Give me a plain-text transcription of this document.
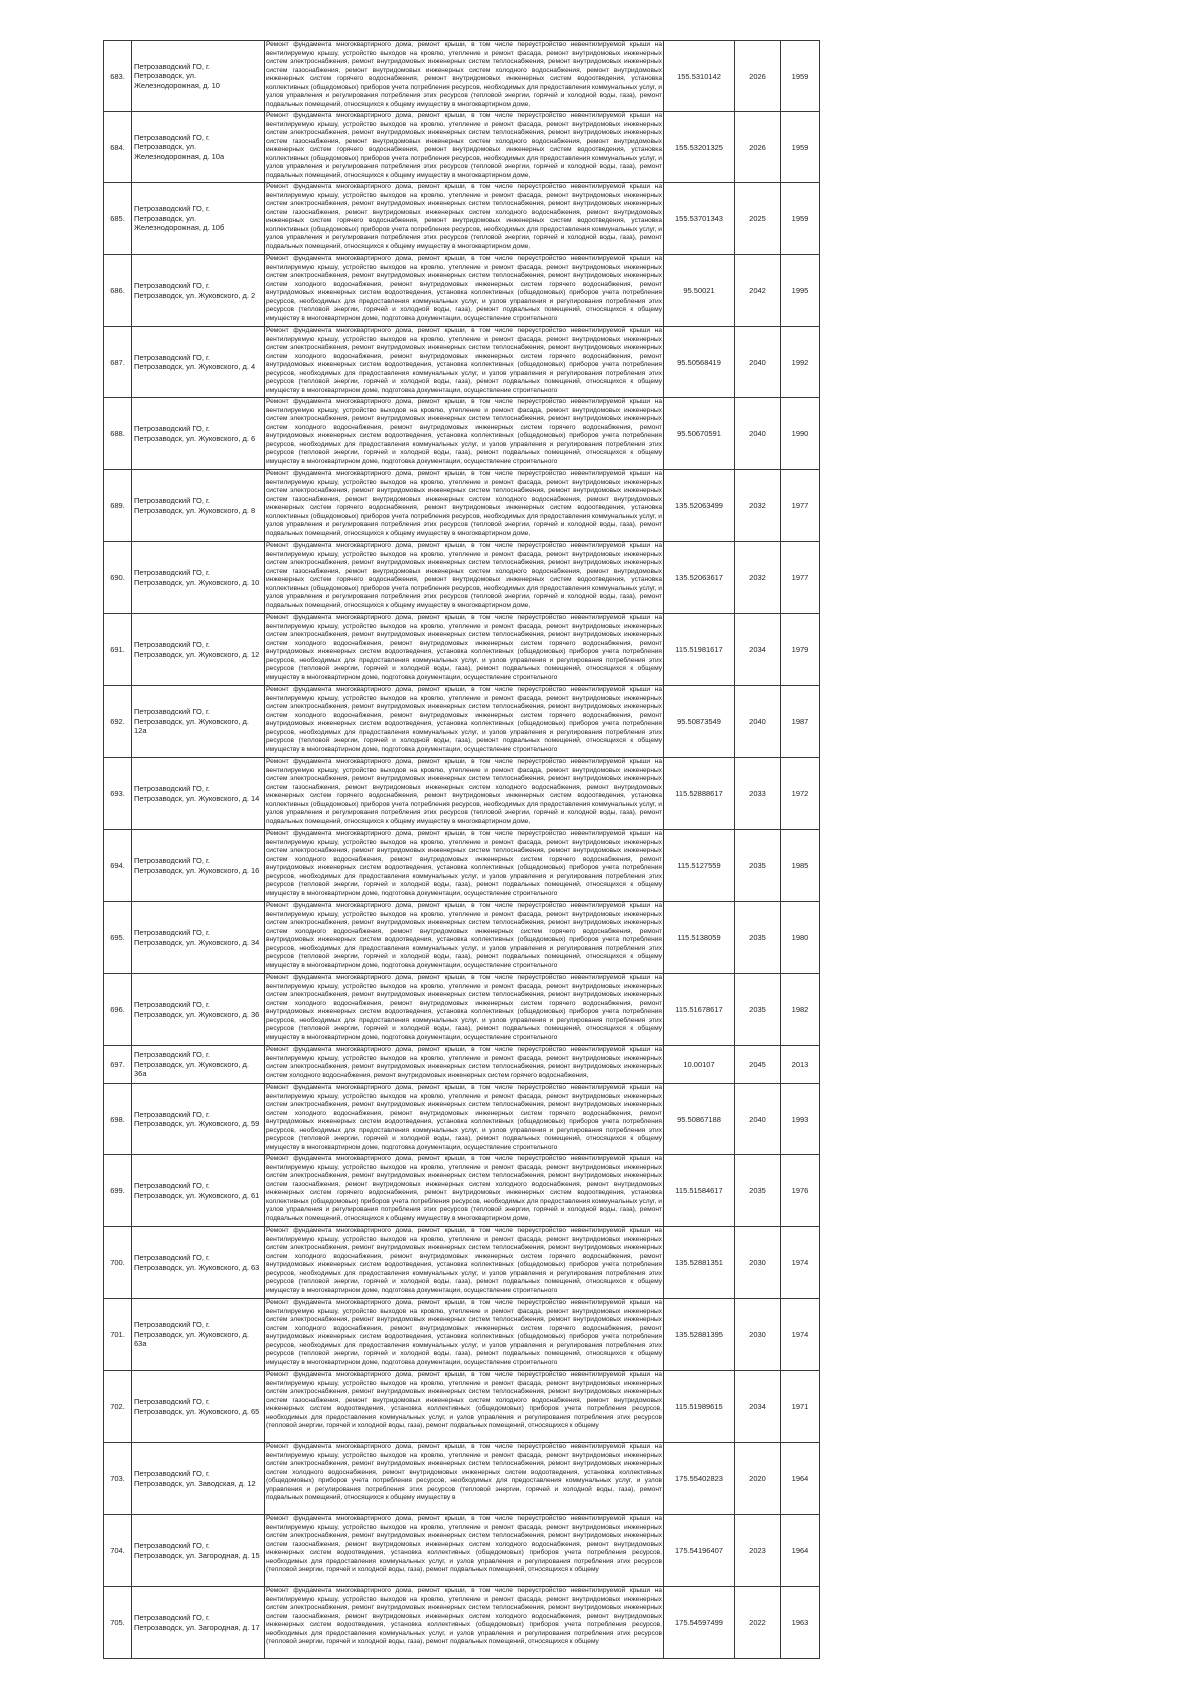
683.	Петрозаводский ГО, г. Петрозаводск, ул. Железнодорожная, д. 10	Ремонт фундамента многоквартирного дома, ремонт крыши, в том числе переустройство невентилируемой крыши на вентилируемую крышу, устройство выходов на кровлю, утепление и ремонт фасада, ремонт внутридомовых инженерных систем электроснабжения, ремонт внутридомовых инженерных систем теплоснабжения, ремонт внутридомовых инженерных систем газоснабжения, ремонт внутридомовых инженерных систем холодного водоснабжения, ремонт внутридомовых инженерных систем горячего водоснабжения, ремонт внутридомовых инженерных систем водоотведения, установка коллективных (общедомовых) приборов учета потребления ресурсов, необходимых для предоставления коммунальных услуг, и узлов управления и регулирования потребления этих ресурсов (тепловой энергии, горячей и холодной воды, газа), ремонт подвальных помещений, относящихся к общему имуществу в многоквартирном доме,	155.5310142	2026	1959
684.	Петрозаводский ГО, г. Петрозаводск, ул. Железнодорожная, д. 10а	Ремонт фундамента многоквартирного дома, ремонт крыши, в том числе переустройство невентилируемой крыши на вентилируемую крышу, устройство выходов на кровлю, утепление и ремонт фасада, ремонт внутридомовых инженерных систем электроснабжения, ремонт внутридомовых инженерных систем теплоснабжения, ремонт внутридомовых инженерных систем газоснабжения, ремонт внутридомовых инженерных систем холодного водоснабжения, ремонт внутридомовых инженерных систем горячего водоснабжения, ремонт внутридомовых инженерных систем водоотведения, установка коллективных (общедомовых) приборов учета потребления ресурсов, необходимых для предоставления коммунальных услуг, и узлов управления и регулирования потребления этих ресурсов (тепловой энергии, горячей и холодной воды, газа), ремонт подвальных помещений, относящихся к общему имуществу в многоквартирном доме,	155.53201325	2026	1959
685.	Петрозаводский ГО, г. Петрозаводск, ул. Железнодорожная, д. 10б	Ремонт фундамента многоквартирного дома, ремонт крыши, в том числе переустройство невентилируемой крыши на вентилируемую крышу, устройство выходов на кровлю, утепление и ремонт фасада, ремонт внутридомовых инженерных систем электроснабжения, ремонт внутридомовых инженерных систем теплоснабжения, ремонт внутридомовых инженерных систем газоснабжения, ремонт внутридомовых инженерных систем холодного водоснабжения, ремонт внутридомовых инженерных систем горячего водоснабжения, ремонт внутридомовых инженерных систем водоотведения, установка коллективных (общедомовых) приборов учета потребления ресурсов, необходимых для предоставления коммунальных услуг, и узлов управления и регулирования потребления этих ресурсов (тепловой энергии, горячей и холодной воды, газа), ремонт подвальных помещений, относящихся к общему имуществу в многоквартирном доме,	155.53701343	2025	1959
686.	Петрозаводский ГО, г. Петрозаводск, ул. Жуковского, д. 2	Ремонт фундамента многоквартирного дома, ремонт крыши, в том числе переустройство невентилируемой крыши на вентилируемую крышу, устройство выходов на кровлю, утепление и ремонт фасада, ремонт внутридомовых инженерных систем электроснабжения, ремонт внутридомовых инженерных систем теплоснабжения, ремонт внутридомовых инженерных систем холодного водоснабжения, ремонт внутридомовых инженерных систем горячего водоснабжения, ремонт внутридомовых инженерных систем водоотведения, установка коллективных (общедомовых) приборов учета потребления ресурсов, необходимых для предоставления коммунальных услуг, и узлов управления и регулирования потребления этих ресурсов (тепловой энергии, горячей и холодной воды, газа), ремонт подвальных помещений, относящихся к общему имуществу в многоквартирном доме, подготовка документации, осуществление строительного	95.50021	2042	1995
687.	Петрозаводский ГО, г. Петрозаводск, ул. Жуковского, д. 4	Ремонт фундамента многоквартирного дома, ремонт крыши, в том числе переустройство невентилируемой крыши на вентилируемую крышу, устройство выходов на кровлю, утепление и ремонт фасада, ремонт внутридомовых инженерных систем электроснабжения, ремонт внутридомовых инженерных систем теплоснабжения, ремонт внутридомовых инженерных систем холодного водоснабжения, ремонт внутридомовых инженерных систем горячего водоснабжения, ремонт внутридомовых инженерных систем водоотведения, установка коллективных (общедомовых) приборов учета потребления ресурсов, необходимых для предоставления коммунальных услуг, и узлов управления и регулирования потребления этих ресурсов (тепловой энергии, горячей и холодной воды, газа), ремонт подвальных помещений, относящихся к общему имуществу в многоквартирном доме, подготовка документации, осуществление строительного	95.50568419	2040	1992
688.	Петрозаводский ГО, г. Петрозаводск, ул. Жуковского, д. 6	Ремонт фундамента многоквартирного дома, ремонт крыши, в том числе переустройство невентилируемой крыши на вентилируемую крышу, устройство выходов на кровлю, утепление и ремонт фасада, ремонт внутридомовых инженерных систем электроснабжения, ремонт внутридомовых инженерных систем теплоснабжения, ремонт внутридомовых инженерных систем холодного водоснабжения, ремонт внутридомовых инженерных систем горячего водоснабжения, ремонт внутридомовых инженерных систем водоотведения, установка коллективных (общедомовых) приборов учета потребления ресурсов, необходимых для предоставления коммунальных услуг, и узлов управления и регулирования потребления этих ресурсов (тепловой энергии, горячей и холодной воды, газа), ремонт подвальных помещений, относящихся к общему имуществу в многоквартирном доме, подготовка документации, осуществление строительного	95.50670591	2040	1990
689.	Петрозаводский ГО, г. Петрозаводск, ул. Жуковского, д. 8	Ремонт фундамента многоквартирного дома, ремонт крыши, в том числе переустройство невентилируемой крыши на вентилируемую крышу, устройство выходов на кровлю, утепление и ремонт фасада, ремонт внутридомовых инженерных систем электроснабжения, ремонт внутридомовых инженерных систем теплоснабжения, ремонт внутридомовых инженерных систем газоснабжения, ремонт внутридомовых инженерных систем холодного водоснабжения, ремонт внутридомовых инженерных систем горячего водоснабжения, ремонт внутридомовых инженерных систем водоотведения, установка коллективных (общедомовых) приборов учета потребления ресурсов, необходимых для предоставления коммунальных услуг, и узлов управления и регулирования потребления этих ресурсов (тепловой энергии, горячей и холодной воды, газа), ремонт подвальных помещений, относящихся к общему имуществу в многоквартирном доме,	135.52063499	2032	1977
690.	Петрозаводский ГО, г. Петрозаводск, ул. Жуковского, д. 10	Ремонт фундамента многоквартирного дома, ремонт крыши, в том числе переустройство невентилируемой крыши на вентилируемую крышу, устройство выходов на кровлю, утепление и ремонт фасада, ремонт внутридомовых инженерных систем электроснабжения, ремонт внутридомовых инженерных систем теплоснабжения, ремонт внутридомовых инженерных систем газоснабжения, ремонт внутридомовых инженерных систем холодного водоснабжения, ремонт внутридомовых инженерных систем горячего водоснабжения, ремонт внутридомовых инженерных систем водоотведения, установка коллективных (общедомовых) приборов учета потребления ресурсов, необходимых для предоставления коммунальных услуг, и узлов управления и регулирования потребления этих ресурсов (тепловой энергии, горячей и холодной воды, газа), ремонт подвальных помещений, относящихся к общему имуществу в многоквартирном доме,	135.52063617	2032	1977
691.	Петрозаводский ГО, г. Петрозаводск, ул. Жуковского, д. 12	Ремонт фундамента многоквартирного дома, ремонт крыши, в том числе переустройство невентилируемой крыши на вентилируемую крышу, устройство выходов на кровлю, утепление и ремонт фасада, ремонт внутридомовых инженерных систем электроснабжения, ремонт внутридомовых инженерных систем теплоснабжения, ремонт внутридомовых инженерных систем холодного водоснабжения, ремонт внутридомовых инженерных систем горячего водоснабжения, ремонт внутридомовых инженерных систем водоотведения, установка коллективных (общедомовых) приборов учета потребления ресурсов, необходимых для предоставления коммунальных услуг, и узлов управления и регулирования потребления этих ресурсов (тепловой энергии, горячей и холодной воды, газа), ремонт подвальных помещений, относящихся к общему имуществу в многоквартирном доме, подготовка документации, осуществление строительного	115.51981617	2034	1979
692.	Петрозаводский ГО, г. Петрозаводск, ул. Жуковского, д. 12а	Ремонт фундамента многоквартирного дома, ремонт крыши, в том числе переустройство невентилируемой крыши на вентилируемую крышу, устройство выходов на кровлю, утепление и ремонт фасада, ремонт внутридомовых инженерных систем электроснабжения, ремонт внутридомовых инженерных систем теплоснабжения, ремонт внутридомовых инженерных систем холодного водоснабжения, ремонт внутридомовых инженерных систем горячего водоснабжения, ремонт внутридомовых инженерных систем водоотведения, установка коллективных (общедомовых) приборов учета потребления ресурсов, необходимых для предоставления коммунальных услуг, и узлов управления и регулирования потребления этих ресурсов (тепловой энергии, горячей и холодной воды, газа), ремонт подвальных помещений, относящихся к общему имуществу в многоквартирном доме, подготовка документации, осуществление строительного	95.50873549	2040	1987
693.	Петрозаводский ГО, г. Петрозаводск, ул. Жуковского, д. 14	Ремонт фундамента многоквартирного дома, ремонт крыши, в том числе переустройство невентилируемой крыши на вентилируемую крышу, устройство выходов на кровлю, утепление и ремонт фасада, ремонт внутридомовых инженерных систем электроснабжения, ремонт внутридомовых инженерных систем теплоснабжения, ремонт внутридомовых инженерных систем газоснабжения, ремонт внутридомовых инженерных систем холодного водоснабжения, ремонт внутридомовых инженерных систем горячего водоснабжения, ремонт внутридомовых инженерных систем водоотведения, установка коллективных (общедомовых) приборов учета потребления ресурсов, необходимых для предоставления коммунальных услуг, и узлов управления и регулирования потребления этих ресурсов (тепловой энергии, горячей и холодной воды, газа), ремонт подвальных помещений, относящихся к общему имуществу в многоквартирном доме,	115.52888617	2033	1972
694.	Петрозаводский ГО, г. Петрозаводск, ул. Жуковского, д. 16	Ремонт фундамента многоквартирного дома, ремонт крыши, в том числе переустройство невентилируемой крыши на вентилируемую крышу, устройство выходов на кровлю, утепление и ремонт фасада, ремонт внутридомовых инженерных систем электроснабжения, ремонт внутридомовых инженерных систем теплоснабжения, ремонт внутридомовых инженерных систем холодного водоснабжения, ремонт внутридомовых инженерных систем горячего водоснабжения, ремонт внутридомовых инженерных систем водоотведения, установка коллективных (общедомовых) приборов учета потребления ресурсов, необходимых для предоставления коммунальных услуг, и узлов управления и регулирования потребления этих ресурсов (тепловой энергии, горячей и холодной воды, газа), ремонт подвальных помещений, относящихся к общему имуществу в многоквартирном доме, подготовка документации, осуществление строительного	115.5127559	2035	1985
695.	Петрозаводский ГО, г. Петрозаводск, ул. Жуковского, д. 34	Ремонт фундамента многоквартирного дома, ремонт крыши, в том числе переустройство невентилируемой крыши на вентилируемую крышу, устройство выходов на кровлю, утепление и ремонт фасада, ремонт внутридомовых инженерных систем электроснабжения, ремонт внутридомовых инженерных систем теплоснабжения, ремонт внутридомовых инженерных систем холодного водоснабжения, ремонт внутридомовых инженерных систем горячего водоснабжения, ремонт внутридомовых инженерных систем водоотведения, установка коллективных (общедомовых) приборов учета потребления ресурсов, необходимых для предоставления коммунальных услуг, и узлов управления и регулирования потребления этих ресурсов (тепловой энергии, горячей и холодной воды, газа), ремонт подвальных помещений, относящихся к общему имуществу в многоквартирном доме, подготовка документации, осуществление строительного	115.5138059	2035	1980
696.	Петрозаводский ГО, г. Петрозаводск, ул. Жуковского, д. 36	Ремонт фундамента многоквартирного дома, ремонт крыши, в том числе переустройство невентилируемой крыши на вентилируемую крышу, устройство выходов на кровлю, утепление и ремонт фасада, ремонт внутридомовых инженерных систем электроснабжения, ремонт внутридомовых инженерных систем теплоснабжения, ремонт внутридомовых инженерных систем холодного водоснабжения, ремонт внутридомовых инженерных систем горячего водоснабжения, ремонт внутридомовых инженерных систем водоотведения, установка коллективных (общедомовых) приборов учета потребления ресурсов, необходимых для предоставления коммунальных услуг, и узлов управления и регулирования потребления этих ресурсов (тепловой энергии, горячей и холодной воды, газа), ремонт подвальных помещений, относящихся к общему имуществу в многоквартирном доме, подготовка документации, осуществление строительного	115.51678617	2035	1982
697.	Петрозаводский ГО, г. Петрозаводск, ул. Жуковского, д. 36а	Ремонт фундамента многоквартирного дома, ремонт крыши, в том числе переустройство невентилируемой крыши на вентилируемую крышу, устройство выходов на кровлю, утепление и ремонт фасада, ремонт внутридомовых инженерных систем электроснабжения, ремонт внутридомовых инженерных систем теплоснабжения, ремонт внутридомовых инженерных систем холодного водоснабжения, ремонт внутридомовых инженерных систем горячего водоснабжения,	10.00107	2045	2013
698.	Петрозаводский ГО, г. Петрозаводск, ул. Жуковского, д. 59	Ремонт фундамента многоквартирного дома, ремонт крыши, в том числе переустройство невентилируемой крыши на вентилируемую крышу, устройство выходов на кровлю, утепление и ремонт фасада, ремонт внутридомовых инженерных систем электроснабжения, ремонт внутридомовых инженерных систем теплоснабжения, ремонт внутридомовых инженерных систем холодного водоснабжения, ремонт внутридомовых инженерных систем горячего водоснабжения, ремонт внутридомовых инженерных систем водоотведения, установка коллективных (общедомовых) приборов учета потребления ресурсов, необходимых для предоставления коммунальных услуг, и узлов управления и регулирования потребления этих ресурсов (тепловой энергии, горячей и холодной воды, газа), ремонт подвальных помещений, относящихся к общему имуществу в многоквартирном доме, подготовка документации, осуществление строительного	95.50867188	2040	1993
699.	Петрозаводский ГО, г. Петрозаводск, ул. Жуковского, д. 61	Ремонт фундамента многоквартирного дома, ремонт крыши, в том числе переустройство невентилируемой крыши на вентилируемую крышу, устройство выходов на кровлю, утепление и ремонт фасада, ремонт внутридомовых инженерных систем электроснабжения, ремонт внутридомовых инженерных систем теплоснабжения, ремонт внутридомовых инженерных систем газоснабжения, ремонт внутридомовых инженерных систем холодного водоснабжения, ремонт внутридомовых инженерных систем горячего водоснабжения, ремонт внутридомовых инженерных систем водоотведения, установка коллективных (общедомовых) приборов учета потребления ресурсов, необходимых для предоставления коммунальных услуг, и узлов управления и регулирования потребления этих ресурсов (тепловой энергии, горячей и холодной воды, газа), ремонт подвальных помещений, относящихся к общему имуществу в многоквартирном доме,	115.51584617	2035	1976
700.	Петрозаводский ГО, г. Петрозаводск, ул. Жуковского, д. 63	Ремонт фундамента многоквартирного дома, ремонт крыши, в том числе переустройство невентилируемой крыши на вентилируемую крышу, устройство выходов на кровлю, утепление и ремонт фасада, ремонт внутридомовых инженерных систем электроснабжения, ремонт внутридомовых инженерных систем теплоснабжения, ремонт внутридомовых инженерных систем холодного водоснабжения, ремонт внутридомовых инженерных систем горячего водоснабжения, ремонт внутридомовых инженерных систем водоотведения, установка коллективных (общедомовых) приборов учета потребления ресурсов, необходимых для предоставления коммунальных услуг, и узлов управления и регулирования потребления этих ресурсов (тепловой энергии, горячей и холодной воды, газа), ремонт подвальных помещений, относящихся к общему имуществу в многоквартирном доме, подготовка документации, осуществление строительного	135.52881351	2030	1974
701.	Петрозаводский ГО, г. Петрозаводск, ул. Жуковского, д. 63а	Ремонт фундамента многоквартирного дома, ремонт крыши, в том числе переустройство невентилируемой крыши на вентилируемую крышу, устройство выходов на кровлю, утепление и ремонт фасада, ремонт внутридомовых инженерных систем электроснабжения, ремонт внутридомовых инженерных систем теплоснабжения, ремонт внутридомовых инженерных систем холодного водоснабжения, ремонт внутридомовых инженерных систем горячего водоснабжения, ремонт внутридомовых инженерных систем водоотведения, установка коллективных (общедомовых) приборов учета потребления ресурсов, необходимых для предоставления коммунальных услуг, и узлов управления и регулирования потребления этих ресурсов (тепловой энергии, горячей и холодной воды, газа), ремонт подвальных помещений, относящихся к общему имуществу в многоквартирном доме, подготовка документации, осуществление строительного	135.52881395	2030	1974
702.	Петрозаводский ГО, г. Петрозаводск, ул. Жуковского, д. 65	Ремонт фундамента многоквартирного дома, ремонт крыши, в том числе переустройство невентилируемой крыши на вентилируемую крышу, устройство выходов на кровлю, утепление и ремонт фасада, ремонт внутридомовых инженерных систем электроснабжения, ремонт внутридомовых инженерных систем теплоснабжения, ремонт внутридомовых инженерных систем газоснабжения, ремонт внутридомовых инженерных систем холодного водоснабжения, ремонт внутридомовых инженерных систем водоотведения, установка коллективных (общедомовых) приборов учета потребления ресурсов, необходимых для предоставления коммунальных услуг, и узлов управления и регулирования потребления этих ресурсов (тепловой энергии, горячей и холодной воды, газа), ремонт подвальных помещений, относящихся к общему	115.51989615	2034	1971
703.	Петрозаводский ГО, г. Петрозаводск, ул. Заводская, д. 12	Ремонт фундамента многоквартирного дома, ремонт крыши, в том числе переустройство невентилируемой крыши на вентилируемую крышу, устройство выходов на кровлю, утепление и ремонт фасада, ремонт внутридомовых инженерных систем электроснабжения, ремонт внутридомовых инженерных систем теплоснабжения, ремонт внутридомовых инженерных систем холодного водоснабжения, ремонт внутридомовых инженерных систем водоотведения, установка коллективных (общедомовых) приборов учета потребления ресурсов, необходимых для предоставления коммунальных услуг, и узлов управления и регулирования потребления этих ресурсов (тепловой энергии, горячей и холодной воды, газа), ремонт подвальных помещений, относящихся к общему имуществу в	175.55402823	2020	1964
704.	Петрозаводский ГО, г. Петрозаводск, ул. Загородная, д. 15	Ремонт фундамента многоквартирного дома, ремонт крыши, в том числе переустройство невентилируемой крыши на вентилируемую крышу, устройство выходов на кровлю, утепление и ремонт фасада, ремонт внутридомовых инженерных систем электроснабжения, ремонт внутридомовых инженерных систем теплоснабжения, ремонт внутридомовых инженерных систем газоснабжения, ремонт внутридомовых инженерных систем холодного водоснабжения, ремонт внутридомовых инженерных систем водоотведения, установка коллективных (общедомовых) приборов учета потребления ресурсов, необходимых для предоставления коммунальных услуг, и узлов управления и регулирования потребления этих ресурсов (тепловой энергии, горячей и холодной воды, газа), ремонт подвальных помещений, относящихся к общему	175.54196407	2023	1964
705.	Петрозаводский ГО, г. Петрозаводск, ул. Загородная, д. 17	Ремонт фундамента многоквартирного дома, ремонт крыши, в том числе переустройство невентилируемой крыши на вентилируемую крышу, устройство выходов на кровлю, утепление и ремонт фасада, ремонт внутридомовых инженерных систем электроснабжения, ремонт внутридомовых инженерных систем теплоснабжения, ремонт внутридомовых инженерных систем газоснабжения, ремонт внутридомовых инженерных систем холодного водоснабжения, ремонт внутридомовых инженерных систем водоотведения, установка коллективных (общедомовых) приборов учета потребления ресурсов, необходимых для предоставления коммунальных услуг, и узлов управления и регулирования потребления этих ресурсов (тепловой энергии, горячей и холодной воды, газа), ремонт подвальных помещений, относящихся к общему	175.54597499	2022	1963
